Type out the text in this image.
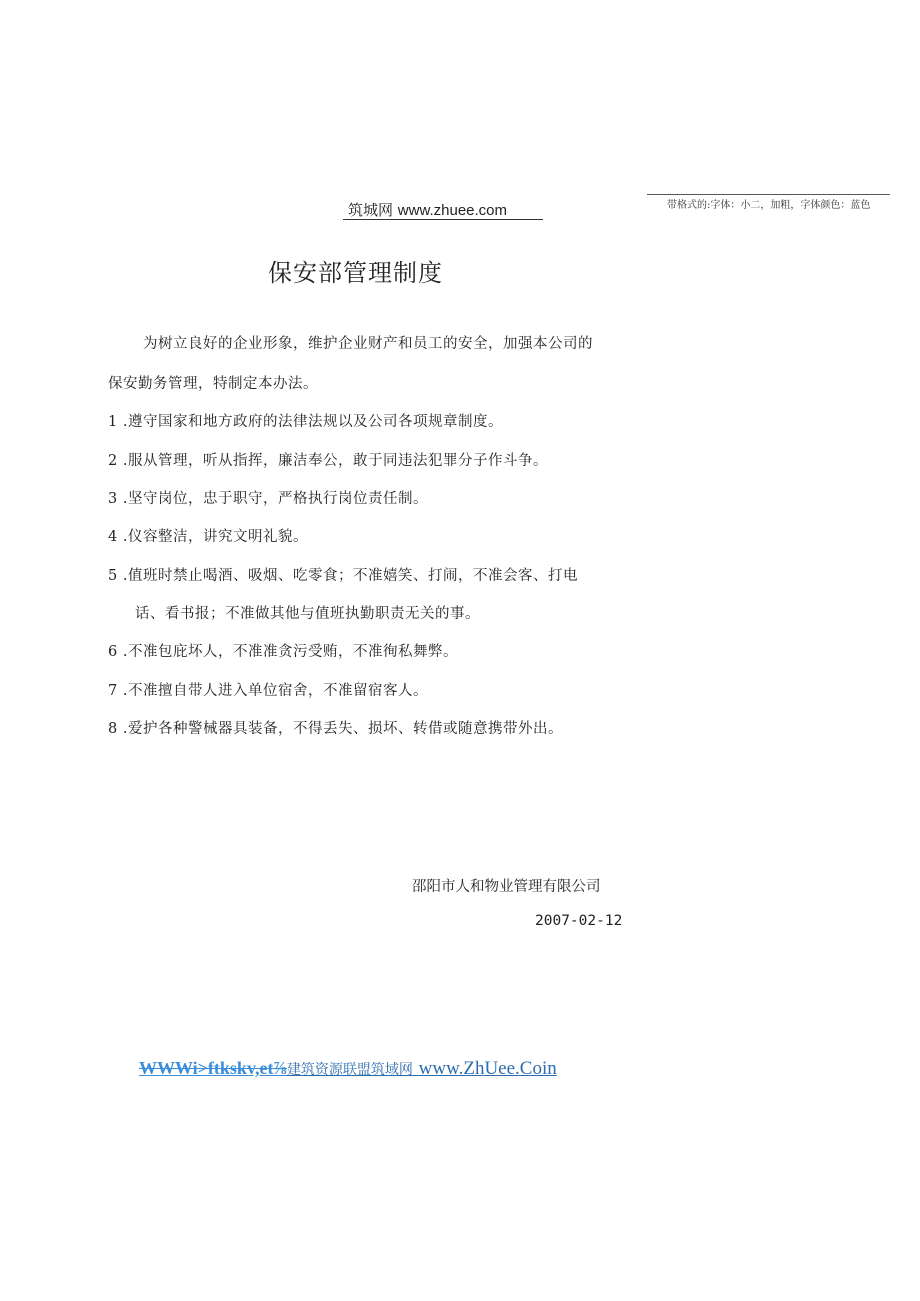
筑城网 www.zhuee.com	带格式的:字体：小二，加粗，字体颜色：蓝色
保安部管理制度
为树立良好的企业形象，维护企业财产和员工的安全，加强本公司的
保安勤务管理，特制定本办法。
1 .遵守国家和地方政府的法律法规以及公司各项规章制度。
2 .服从管理，听从指挥，廉洁奉公，敢于同违法犯罪分子作斗争。
3 .坚守岗位，忠于职守，严格执行岗位责任制。
4 .仪容整洁，讲究文明礼貌。
5 .值班时禁止喝酒、吸烟、吃零食；不准嬉笑、打闹，不准会客、打电
话、看书报；不准做其他与值班执勤职责无关的事。
6 .不准包庇坏人，不准准贪污受贿，不准徇私舞弊。
7 .不准擅自带人进入单位宿舍，不准留宿客人。
8 .爱护各种警械器具装备，不得丢失、损坏、转借或随意携带外出。
邵阳市人和物业管理有限公司
2007-02-12
WWWi>ftkskv,et⅞建筑资源联盟筑域网 www.ZhUee.Coin
